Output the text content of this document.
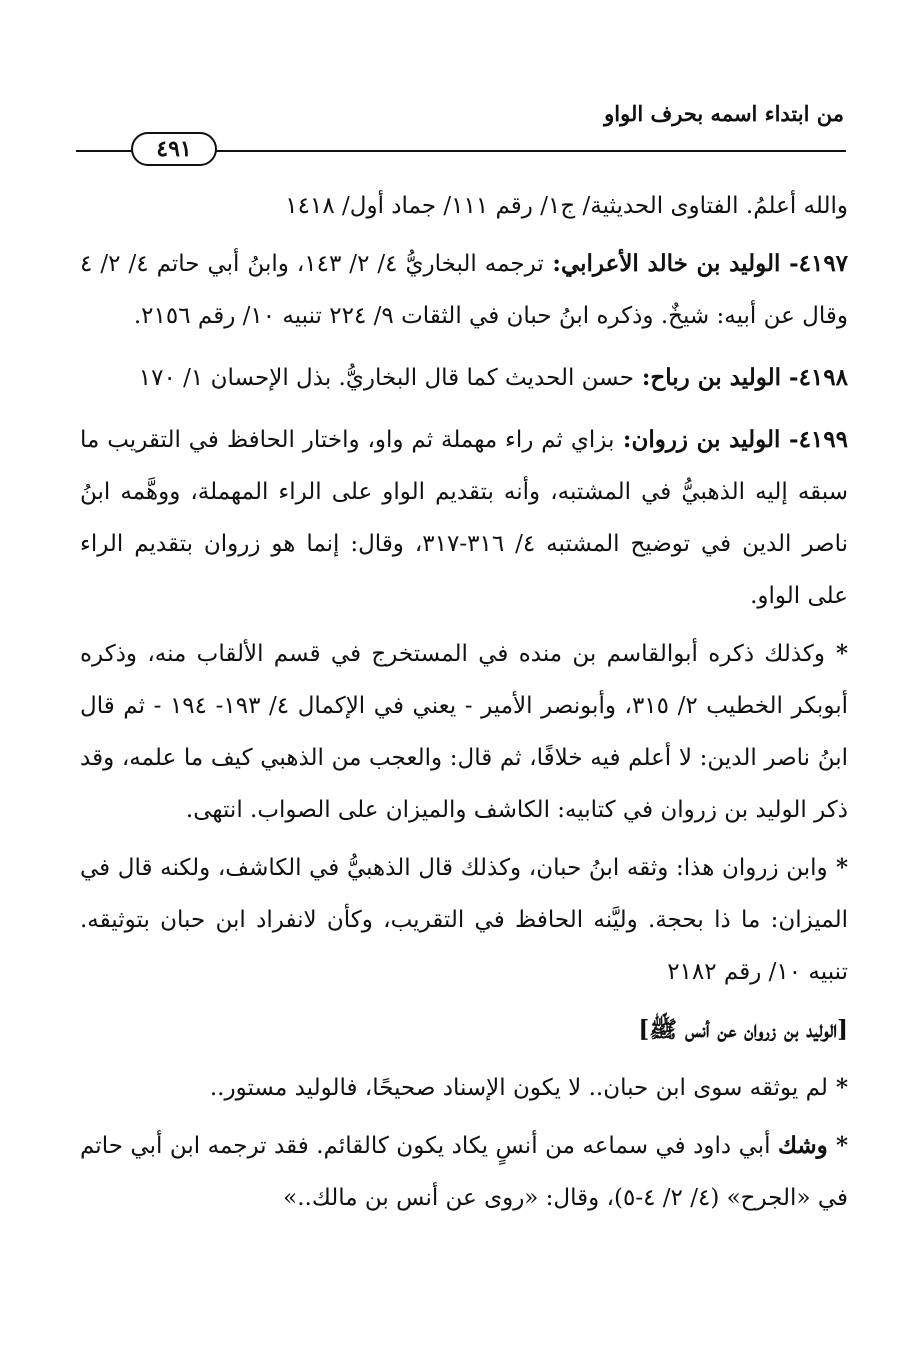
من ابتداء اسمه بحرف الواو
٤٩١

والله أعلمُ. الفتاوى الحديثية/ ج١/ رقم ١١١/ جماد أول/ ١٤١٨

٤١٩٧- الوليد بن خالد الأعرابي: ترجمه البخاريُّ ٤/ ٢/ ١٤٣، وابنُ أبي حاتم ٤/ ٢/ ٤ وقال عن أبيه: شيخٌ. وذكره ابنُ حبان في الثقات ٩/ ٢٢٤ تنبيه ١٠/ رقم ٢١٥٦.

٤١٩٨- الوليد بن رباح: حسن الحديث كما قال البخاريُّ. بذل الإحسان ١/ ١٧٠

٤١٩٩- الوليد بن زروان: بزاي ثم راء مهملة ثم واو، واختار الحافظ في التقريب ما سبقه إليه الذهبيُّ في المشتبه، وأنه بتقديم الواو على الراء المهملة، ووهَّمه ابنُ ناصر الدين في توضيح المشتبه ٤/ ٣١٦-٣١٧، وقال: إنما هو زروان بتقديم الراء على الواو.

* وكذلك ذكره أبوالقاسم بن منده في المستخرج في قسم الألقاب منه، وذكره أبوبكر الخطيب ٢/ ٣١٥، وأبونصر الأمير - يعني في الإكمال ٤/ ١٩٣- ١٩٤ - ثم قال ابنُ ناصر الدين: لا أعلم فيه خلافًا، ثم قال: والعجب من الذهبي كيف ما علمه، وقد ذكر الوليد بن زروان في كتابيه: الكاشف والميزان على الصواب. انتهى.

* وابن زروان هذا: وثقه ابنُ حبان، وكذلك قال الذهبيُّ في الكاشف، ولكنه قال في الميزان: ما ذا بحجة. وليَّنه الحافظ في التقريب، وكأن لانفراد ابن حبان بتوثيقه. تنبيه ١٠/ رقم ٢١٨٢

[الوليد بن زروان عن أنس ﷺ]

* لم يوثقه سوى ابن حبان.. لا يكون الإسناد صحيحًا، فالوليد مستور..

* وشك أبي داود في سماعه من أنسٍ يكاد يكون كالقائم. فقد ترجمه ابن أبي حاتم في «الجرح» (٤/ ٢/ ٤-٥)، وقال: «روى عن أنس بن مالك..»
